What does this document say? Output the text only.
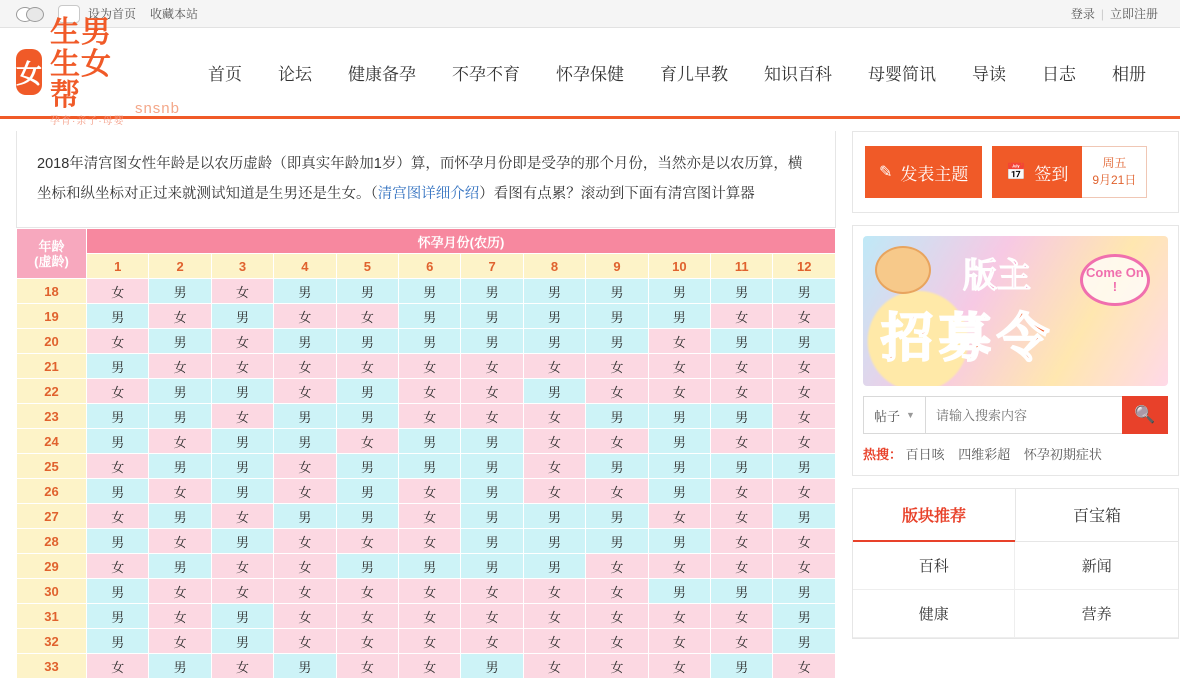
设为首页 收藏本站	登录 | 立即注册
女
生男生女帮
孕育·亲子·母婴
snsnb
首页	论坛	健康备孕	不孕不育	怀孕保健	育儿早教	知识百科	母婴简讯	导读	日志	相册
2018年清宫图女性年龄是以农历虚龄（即真实年龄加1岁）算，而怀孕月份即是受孕的那个月份，当然亦是以农历算，横坐标和纵坐标对正过来就测试知道是生男还是生女。（清宫图详细介绍）看图有点累？滚动到下面有清宫图计算器
年龄
(虚龄)	怀孕月份(农历)											
	1	2	3	4	5	6	7	8	9	10	11	12
18	女	男	女	男	男	男	男	男	男	男	男	男
19	男	女	男	女	女	男	男	男	男	男	女	女
20	女	男	女	男	男	男	男	男	男	女	男	男
21	男	女	女	女	女	女	女	女	女	女	女	女
22	女	男	男	女	男	女	女	男	女	女	女	女
23	男	男	女	男	男	女	女	女	男	男	男	女
24	男	女	男	男	女	男	男	女	女	男	女	女
25	女	男	男	女	男	男	男	女	男	男	男	男
26	男	女	男	女	男	女	男	女	女	男	女	女
27	女	男	女	男	男	女	男	男	男	女	女	男
28	男	女	男	女	女	女	男	男	男	男	女	女
29	女	男	女	女	男	男	男	男	女	女	女	女
30	男	女	女	女	女	女	女	女	女	男	男	男
31	男	女	男	女	女	女	女	女	女	女	女	男
32	男	女	男	女	女	女	女	女	女	女	女	男
33	女	男	女	男	女	女	男	女	女	女	男	女
✎ 发表主题 📅 签到
周五
9月21日
版主
招募令
Come On !
帖子 ▼
请输入搜索内容	🔍
热搜： 百日咳 四维彩超 怀孕初期症状
版块推荐	百宝箱
百科	新闻
健康	营养
